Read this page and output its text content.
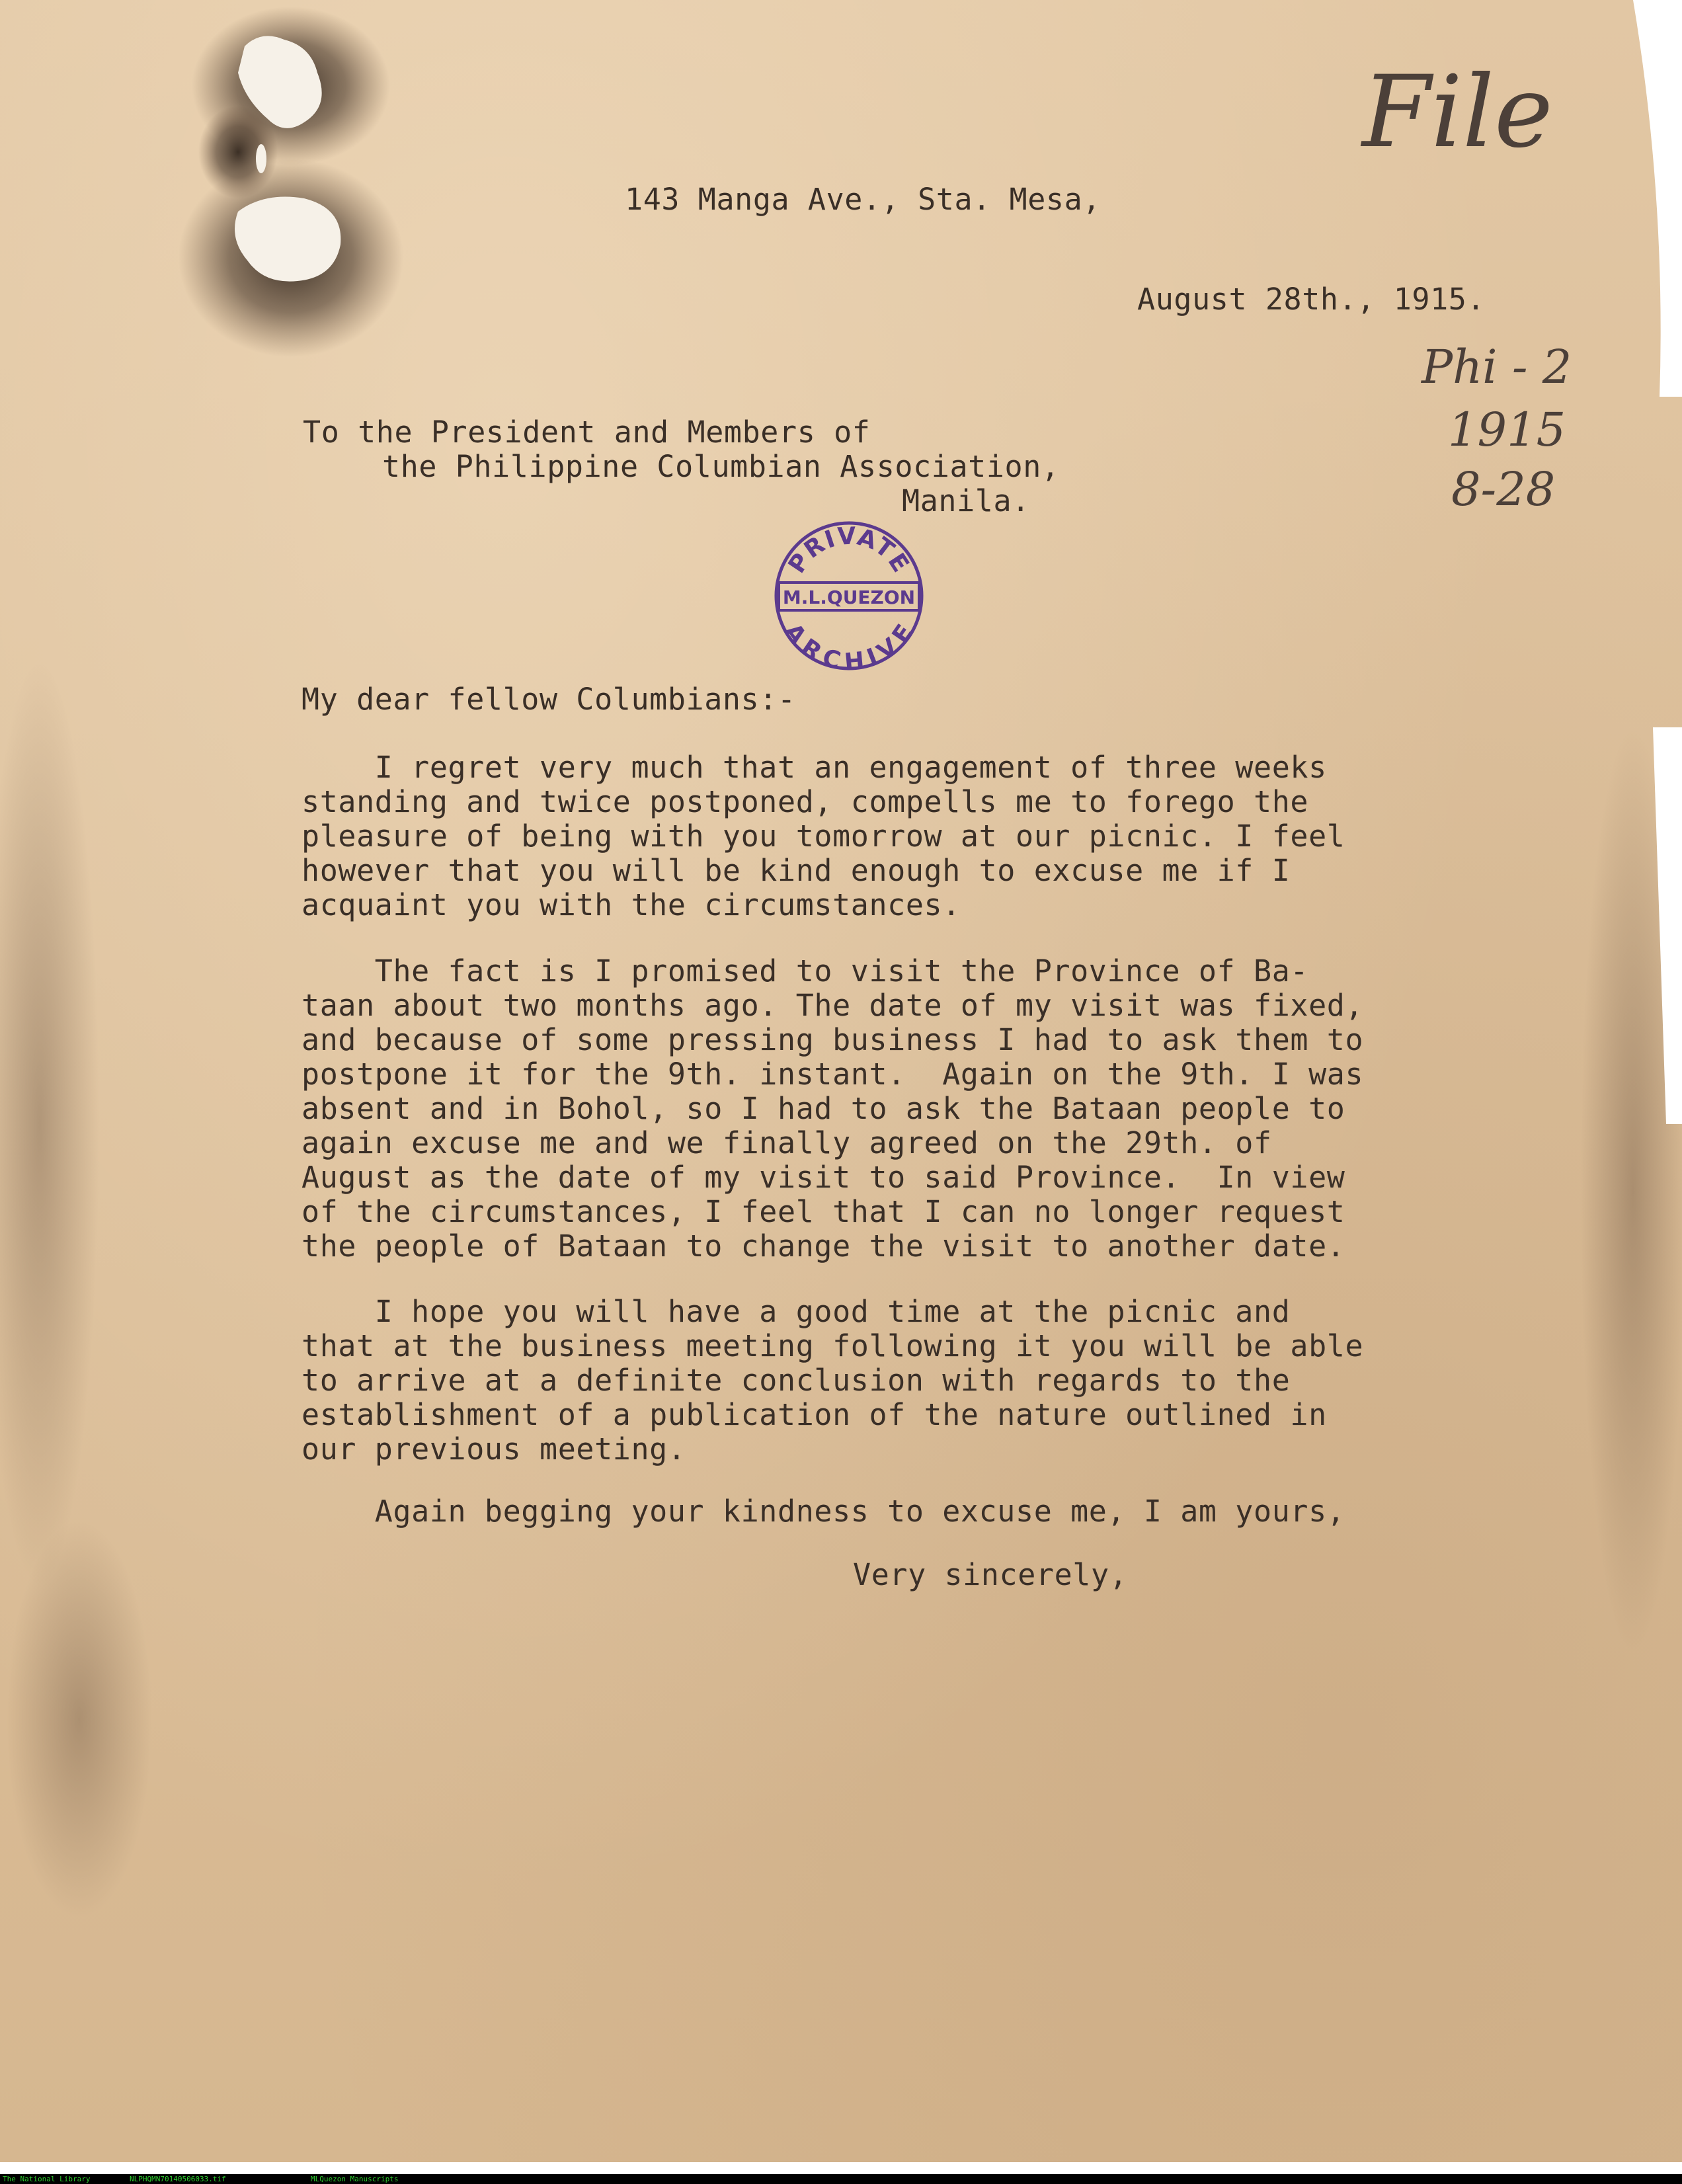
143 Manga Ave., Sta. Mesa,

August 28th., 1915.

To the President and Members of

the Philippine Columbian Association,

Manila.

PRIVATE
M.L.QUEZON
ARCHIVE

My dear fellow Columbians:-

I regret very much that an engagement of three weeks

standing and twice postponed, compells me to forego the

pleasure of being with you tomorrow at our picnic. I feel

however that you will be kind enough to excuse me if I

acquaint you with the circumstances.

The fact is I promised to visit the Province of Ba-

taan about two months ago. The date of my visit was fixed,

and because of some pressing business I had to ask them to

postpone it for the 9th. instant.  Again on the 9th. I was

absent and in Bohol, so I had to ask the Bataan people to

again excuse me and we finally agreed on the 29th. of

August as the date of my visit to said Province.  In view

of the circumstances, I feel that I can no longer request

the people of Bataan to change the visit to another date.

I hope you will have a good time at the picnic and

that at the business meeting following it you will be able

to arrive at a definite conclusion with regards to the

establishment of a publication of the nature outlined in

our previous meeting.

Again begging your kindness to excuse me, I am yours,

Very sincerely,

File

Phi - 2

1915

8-28

The National Library

	NLPHQMN70140506033.tif

	MLQuezon Manuscripts
